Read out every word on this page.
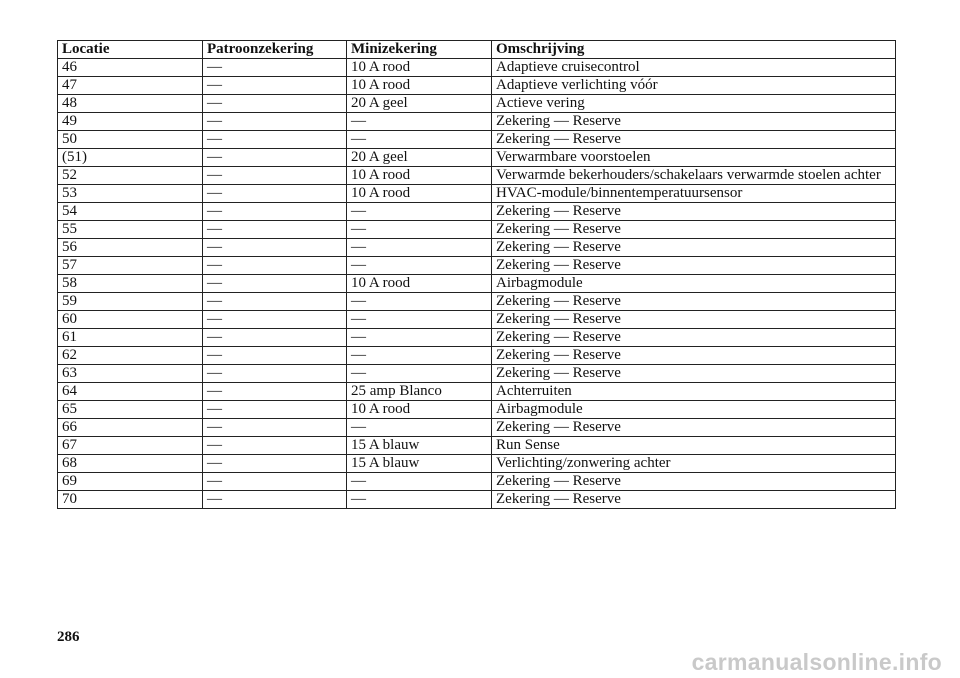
Locatie	Patroonzekering	Minizekering	Omschrijving
46	—	10 A rood	Adaptieve cruisecontrol
47	—	10 A rood	Adaptieve verlichting vóór
48	—	20 A geel	Actieve vering
49	—	—	Zekering — Reserve
50	—	—	Zekering — Reserve
(51)	—	20 A geel	Verwarmbare voorstoelen
52	—	10 A rood	Verwarmde bekerhouders/schakelaars verwarmde stoelen achter
53	—	10 A rood	HVAC-module/binnentemperatuursensor
54	—	—	Zekering — Reserve
55	—	—	Zekering — Reserve
56	—	—	Zekering — Reserve
57	—	—	Zekering — Reserve
58	—	10 A rood	Airbagmodule
59	—	—	Zekering — Reserve
60	—	—	Zekering — Reserve
61	—	—	Zekering — Reserve
62	—	—	Zekering — Reserve
63	—	—	Zekering — Reserve
64	—	25 amp Blanco	Achterruiten
65	—	10 A rood	Airbagmodule
66	—	—	Zekering — Reserve
67	—	15 A blauw	Run Sense
68	—	15 A blauw	Verlichting/zonwering achter
69	—	—	Zekering — Reserve
70	—	—	Zekering — Reserve
286
carmanualsonline.info
